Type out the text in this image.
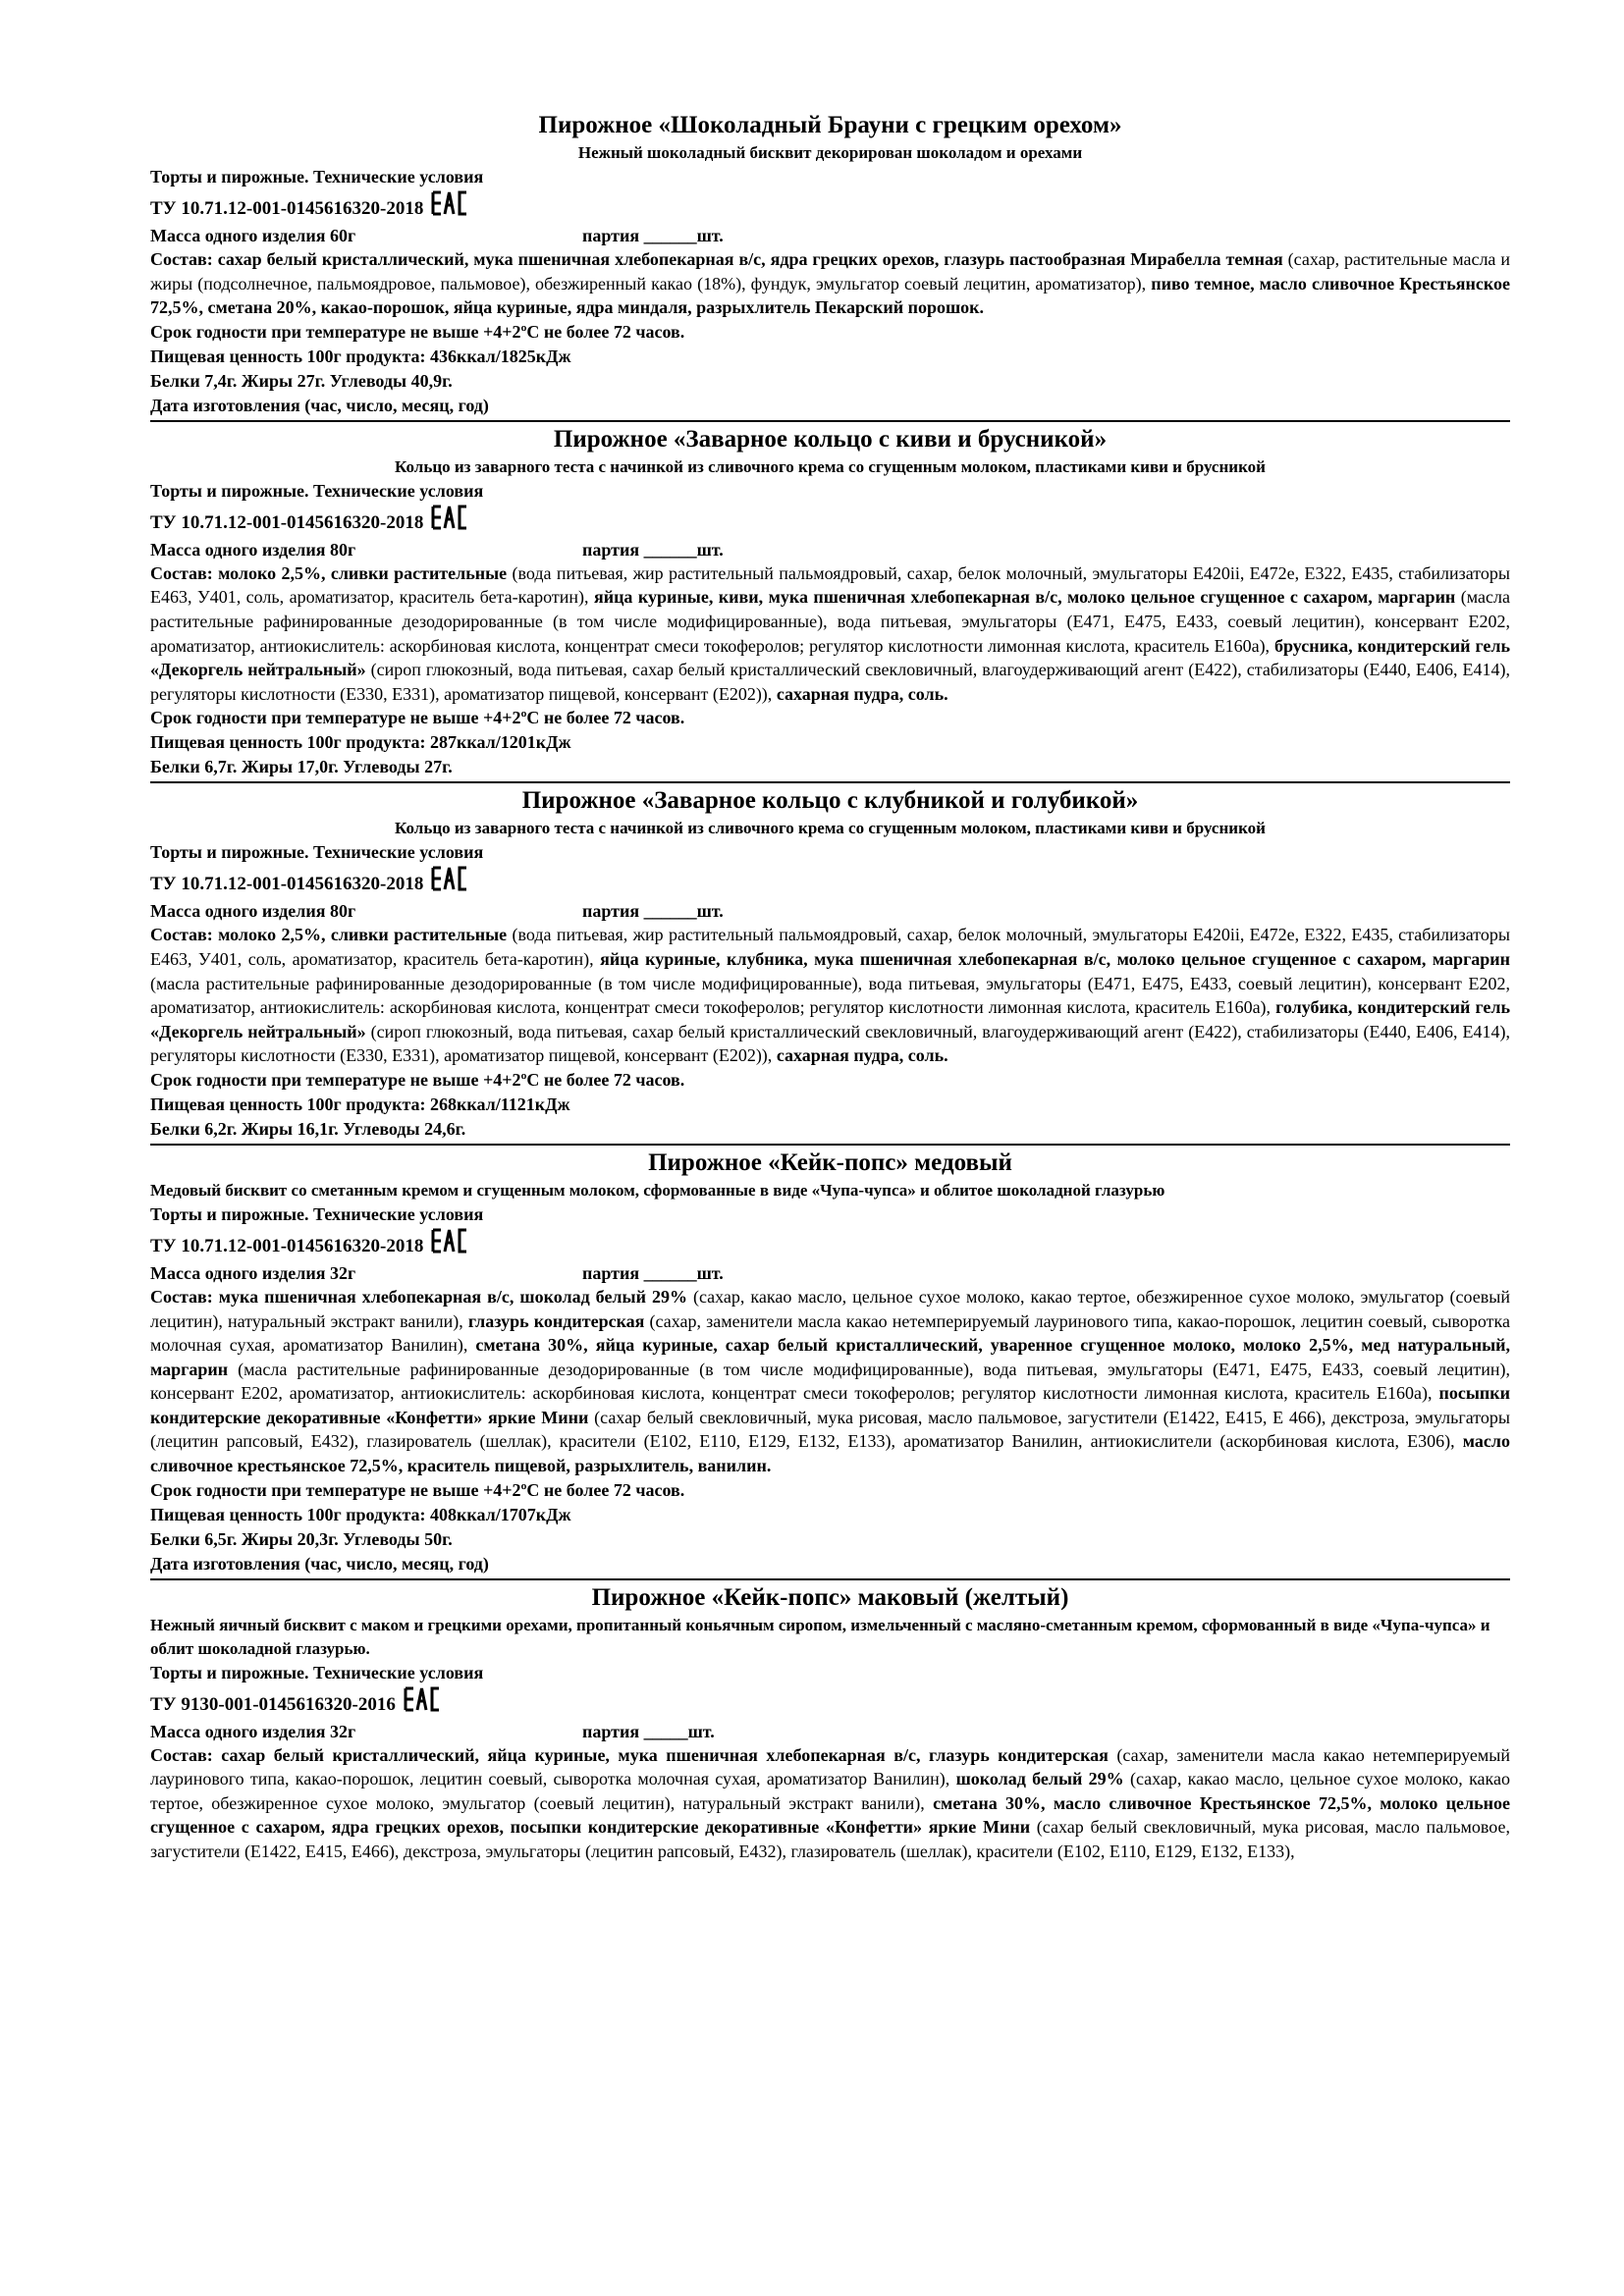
Пирожное «Шоколадный Брауни с грецким орехом»
Нежный шоколадный бисквит декорирован шоколадом и орехами
Торты и пирожные. Технические условия
ТУ 10.71.12-001-0145616320-2018
Масса одного изделия 60г	партия ______шт.
Состав: сахар белый кристаллический, мука пшеничная хлебопекарная в/с, ядра грецких орехов, глазурь пастообразная Мирабелла темная (сахар, растительные масла и жиры (подсолнечное, пальмоядровое, пальмовое), обезжиренный какао (18%), фундук, эмульгатор соевый лецитин, ароматизатор), пиво темное, масло сливочное Крестьянское 72,5%, сметана 20%, какао-порошок, яйца куриные, ядра миндаля, разрыхлитель Пекарский порошок.
Срок годности при температуре не выше +4+2ºС не более 72 часов.
Пищевая ценность 100г продукта: 436ккал/1825кДж
Белки 7,4г. Жиры 27г. Углеводы 40,9г.
Дата изготовления (час, число, месяц, год)
Пирожное «Заварное кольцо с киви и брусникой»
Кольцо из заварного теста с начинкой из сливочного крема со сгущенным молоком, пластиками киви и брусникой
Торты и пирожные. Технические условия
ТУ 10.71.12-001-0145616320-2018
Масса одного изделия 80г	партия ______шт.
Состав: молоко 2,5%, сливки растительные (вода питьевая, жир растительный пальмоядровый, сахар, белок молочный, эмульгаторы Е420ii, Е472е, Е322, Е435, стабилизаторы Е463, У401, соль, ароматизатор, краситель бета-каротин), яйца куриные, киви, мука пшеничная хлебопекарная в/с, молоко цельное сгущенное с сахаром, маргарин (масла растительные рафинированные дезодорированные (в том числе модифицированные), вода питьевая, эмульгаторы (Е471, Е475, Е433, соевый лецитин), консервант Е202, ароматизатор, антиокислитель: аскорбиновая кислота, концентрат смеси токоферолов; регулятор кислотности лимонная кислота, краситель Е160а), брусника, кондитерский гель «Декоргель нейтральный» (сироп глюкозный, вода питьевая, сахар белый кристаллический свекловичный, влагоудерживающий агент (Е422), стабилизаторы (Е440, Е406, Е414), регуляторы кислотности (Е330, Е331), ароматизатор пищевой, консервант (Е202)), сахарная пудра, соль.
Срок годности при температуре не выше +4+2ºС не более 72 часов.
Пищевая ценность 100г продукта: 287ккал/1201кДж
Белки 6,7г. Жиры 17,0г. Углеводы 27г.
Пирожное «Заварное кольцо с клубникой и голубикой»
Кольцо из заварного теста с начинкой из сливочного крема со сгущенным молоком, пластиками киви и брусникой
Торты и пирожные. Технические условия
ТУ 10.71.12-001-0145616320-2018
Масса одного изделия 80г	партия ______шт.
Состав: молоко 2,5%, сливки растительные (вода питьевая, жир растительный пальмоядровый, сахар, белок молочный, эмульгаторы Е420ii, Е472е, Е322, Е435, стабилизаторы Е463, У401, соль, ароматизатор, краситель бета-каротин), яйца куриные, клубника, мука пшеничная хлебопекарная в/с, молоко цельное сгущенное с сахаром, маргарин (масла растительные рафинированные дезодорированные (в том числе модифицированные), вода питьевая, эмульгаторы (Е471, Е475, Е433, соевый лецитин), консервант Е202, ароматизатор, антиокислитель: аскорбиновая кислота, концентрат смеси токоферолов; регулятор кислотности лимонная кислота, краситель Е160а), голубика, кондитерский гель «Декоргель нейтральный» (сироп глюкозный, вода питьевая, сахар белый кристаллический свекловичный, влагоудерживающий агент (Е422), стабилизаторы (Е440, Е406, Е414), регуляторы кислотности (Е330, Е331), ароматизатор пищевой, консервант (Е202)), сахарная пудра, соль.
Срок годности при температуре не выше +4+2ºС не более 72 часов.
Пищевая ценность 100г продукта: 268ккал/1121кДж
Белки 6,2г. Жиры 16,1г. Углеводы 24,6г.
Пирожное «Кейк-попс» медовый
Медовый бисквит со сметанным кремом и сгущенным молоком, сформованные в виде «Чупа-чупса» и облитое шоколадной глазурью
Торты и пирожные. Технические условия
ТУ 10.71.12-001-0145616320-2018
Масса одного изделия 32г	партия ______шт.
Состав: мука пшеничная хлебопекарная в/с, шоколад белый 29% (сахар, какао масло, цельное сухое молоко, какао тертое, обезжиренное сухое молоко, эмульгатор (соевый лецитин), натуральный экстракт ванили), глазурь кондитерская (сахар, заменители масла какао нетемперируемый лауринового типа, какао-порошок, лецитин соевый, сыворотка молочная сухая, ароматизатор Ванилин), сметана 30%, яйца куриные, сахар белый кристаллический, уваренное сгущенное молоко, молоко 2,5%, мед натуральный, маргарин (масла растительные рафинированные дезодорированные (в том числе модифицированные), вода питьевая, эмульгаторы (Е471, Е475, Е433, соевый лецитин), консервант Е202, ароматизатор, антиокислитель: аскорбиновая кислота, концентрат смеси токоферолов; регулятор кислотности лимонная кислота, краситель Е160а), посыпки кондитерские декоративные «Конфетти» яркие Мини (сахар белый свекловичный, мука рисовая, масло пальмовое, загустители (Е1422, Е415, Е 466), декстроза, эмульгаторы (лецитин рапсовый, Е432), глазирователь (шеллак), красители (Е102, Е110, Е129, Е132, Е133), ароматизатор Ванилин, антиокислители (аскорбиновая кислота, Е306), масло сливочное крестьянское 72,5%, краситель пищевой, разрыхлитель, ванилин.
Срок годности при температуре не выше +4+2ºС не более 72 часов.
Пищевая ценность 100г продукта: 408ккал/1707кДж
Белки 6,5г. Жиры 20,3г. Углеводы 50г.
Дата изготовления (час, число, месяц, год)
Пирожное «Кейк-попс» маковый (желтый)
Нежный яичный бисквит с маком и грецкими орехами, пропитанный коньячным сиропом, измельченный с масляно-сметанным кремом, сформованный в виде «Чупа-чупса» и облит шоколадной глазурью.
Торты и пирожные. Технические условия
ТУ 9130-001-0145616320-2016
Масса одного изделия 32г	партия _____шт.
Состав: сахар белый кристаллический, яйца куриные, мука пшеничная хлебопекарная в/с, глазурь кондитерская (сахар, заменители масла какао нетемперируемый лауринового типа, какао-порошок, лецитин соевый, сыворотка молочная сухая, ароматизатор Ванилин), шоколад белый 29% (сахар, какао масло, цельное сухое молоко, какао тертое, обезжиренное сухое молоко, эмульгатор (соевый лецитин), натуральный экстракт ванили), сметана 30%, масло сливочное Крестьянское 72,5%, молоко цельное сгущенное с сахаром, ядра грецких орехов, посыпки кондитерские декоративные «Конфетти» яркие Мини (сахар белый свекловичный, мука рисовая, масло пальмовое, загустители (Е1422, Е415, Е466), декстроза, эмульгаторы (лецитин рапсовый, Е432), глазирователь (шеллак), красители (Е102, Е110, Е129, Е132, Е133),
